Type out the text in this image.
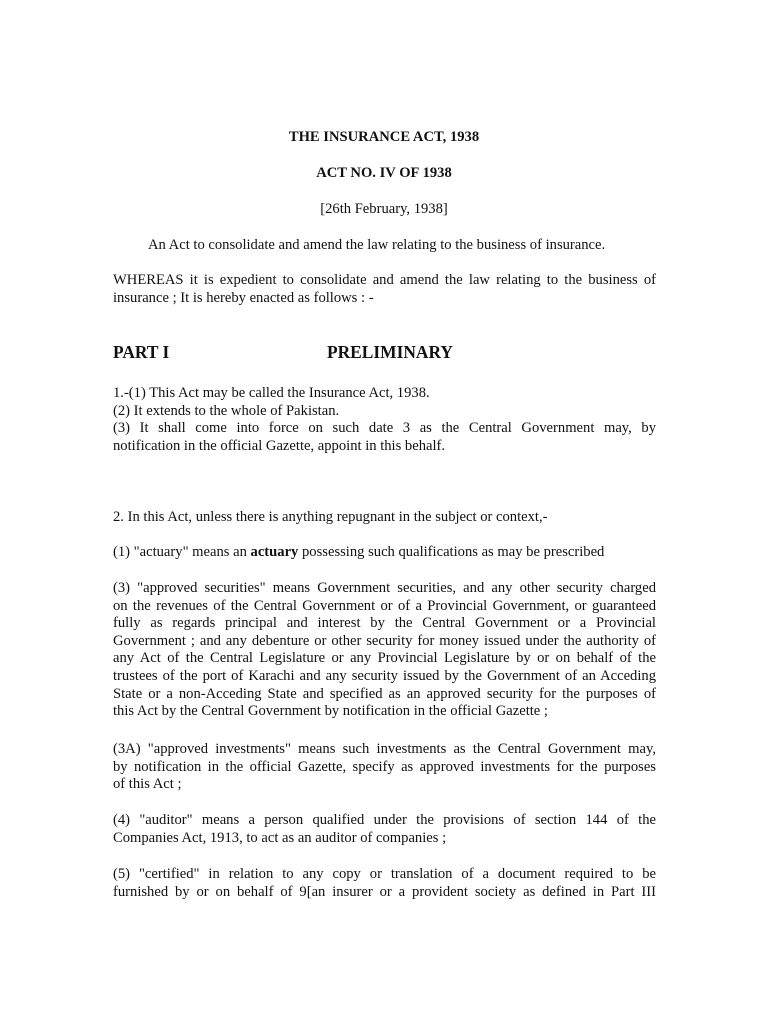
THE INSURANCE ACT, 1938
ACT NO. IV OF 1938
[26th February, 1938]
An Act to consolidate and amend the law relating to the business of insurance.
WHEREAS it is expedient to consolidate and amend the law relating to the business of
insurance ; It is hereby enacted as follows : -
PART I	PRELIMINARY
1.-(1) This Act may be called the Insurance Act, 1938.
(2) It extends to the whole of Pakistan.
(3) It shall come into force on such date 3 as the Central Government may, by
notification in the official Gazette, appoint in this behalf.
2. In this Act, unless there is anything repugnant in the subject or context,-
(1) "actuary" means an actuary possessing such qualifications as may be prescribed
(3) "approved securities" means Government securities, and any other security charged
on the revenues of the Central Government or of a Provincial Government, or guaranteed
fully as regards principal and interest by the Central Government or a Provincial
Government ; and any debenture or other security for money issued under the authority of
any Act of the Central Legislature or any Provincial Legislature by or on behalf of the
trustees of the port of Karachi and any security issued by the Government of an Acceding
State or a non-Acceding State and specified as an approved security for the purposes of
this Act by the Central Government by notification in the official Gazette ;
(3A) "approved investments" means such investments as the Central Government may,
by notification in the official Gazette, specify as approved investments for the purposes
of this Act ;
(4) "auditor" means a person qualified under the provisions of section 144 of the
Companies Act, 1913, to act as an auditor of companies ;
(5) "certified" in relation to any copy or translation of a document required to be
furnished by or on behalf of 9[an insurer or a provident society as defined in Part III
